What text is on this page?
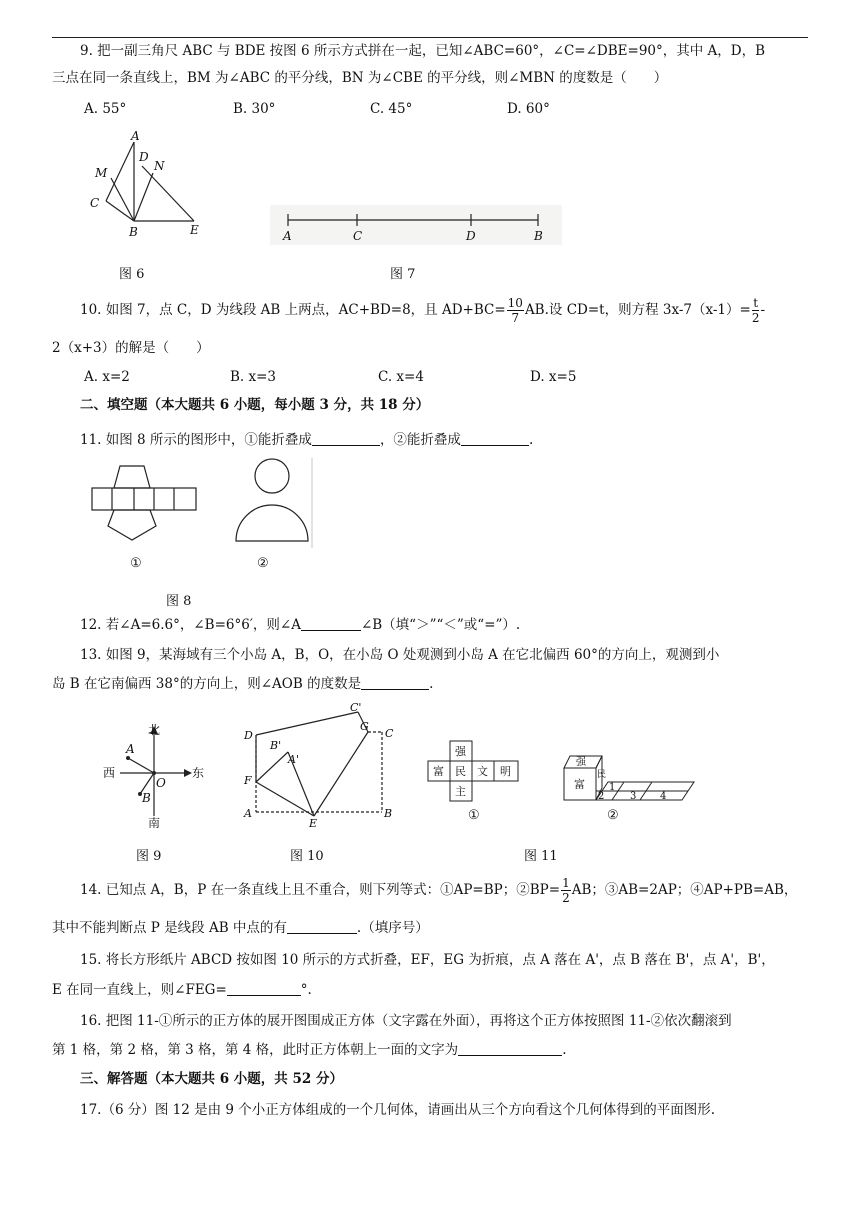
9. 把一副三角尺 ABC 与 BDE 按图 6 所示方式拼在一起，已知∠ABC=60°，∠C=∠DBE=90°，其中 A，D，B
三点在同一条直线上，BM 为∠ABC 的平分线，BN 为∠CBE 的平分线，则∠MBN 的度数是（　　）
A. 55°	B. 30°	C. 45°	D. 60°
A
D
N
M
C
B	E
图 6
A	C	D	B
图 7
10. 如图 7，点 C，D 为线段 AB 上两点，AC+BD=8，且 $AD+BC= \frac{10}{7}$ AB.设 CD=t，则方程 $3x-7(x-1)= \frac{t}{2}$ -
2（x+3）的解是（　　）
A. x=2	B. x=3	C. x=4	D. x=5
二、填空题（本大题共 6 小题，每小题 3 分，共 18 分）
11. 如图 8 所示的图形中，①能折叠成	，②能折叠成	.
①	②
图 8
12. 若∠A=6.6°，∠B=6°6′，则∠A	∠B（填“＞”“＜”或“=”）.
13. 如图 9，某海域有三个小岛 A，B，O，在小岛 O 处观测到小岛 A 在它北偏西 60°的方向上，观测到小
岛 B 在它南偏西 38°的方向上，则∠AOB 的度数是	.
北
西	东
南
A
O
B
图 9
D
C'
G
C
B'
A'
F
A
E
B
图 10
强
富 民 文 明
主
强
富
民
1
2	3 4
①	②
图 11
14. 已知点 A，B，P 在一条直线上且不重合，则下列等式：①AP=BP；②BP= $\frac{1}{2}$ AB；③AB=2AP；④AP+PB=AB，
其中不能判断点 P 是线段 AB 中点的有	.（填序号）
15. 将长方形纸片 ABCD 按如图 10 所示的方式折叠，EF，EG 为折痕，点 A 落在 A'，点 B 落在 B'，点 A'，B'，
E 在同一直线上，则∠FEG=	°.
16. 把图 11-①所示的正方体的展开图围成正方体（文字露在外面），再将这个正方体按照图 11-②依次翻滚到
第 1 格，第 2 格，第 3 格，第 4 格，此时正方体朝上一面的文字为	.
三、解答题（本大题共 6 小题，共 52 分）
17.（6 分）图 12 是由 9 个小正方体组成的一个几何体，请画出从三个方向看这个几何体得到的平面图形.
